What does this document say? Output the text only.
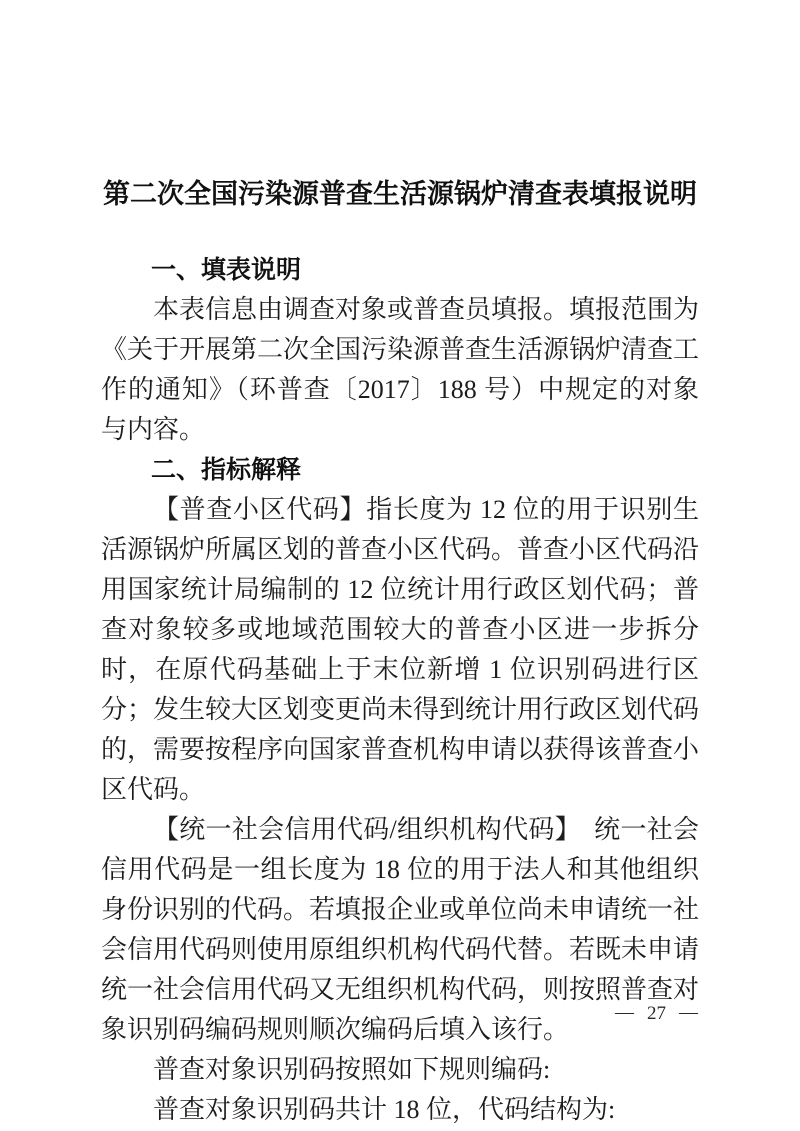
第二次全国污染源普查生活源锅炉清查表填报说明
一、填表说明

本表信息由调查对象或普查员填报。填报范围为《关于开展第二次全国污染源普查生活源锅炉清查工作的通知》（环普查〔2017〕188 号）中规定的对象与内容。

二、指标解释

【普查小区代码】指长度为 12 位的用于识别生活源锅炉所属区划的普查小区代码。普查小区代码沿用国家统计局编制的 12 位统计用行政区划代码；普查对象较多或地域范围较大的普查小区进一步拆分时，在原代码基础上于末位新增 1 位识别码进行区分；发生较大区划变更尚未得到统计用行政区划代码的，需要按程序向国家普查机构申请以获得该普查小区代码。

【统一社会信用代码/组织机构代码】　统一社会信用代码是一组长度为 18 位的用于法人和其他组织身份识别的代码。若填报企业或单位尚未申请统一社会信用代码则使用原组织机构代码代替。若既未申请统一社会信用代码又无组织机构代码，则按照普查对象识别码编码规则顺次编码后填入该行。

普查对象识别码按照如下规则编码:

普查对象识别码共计 18 位，代码结构为:

— 27 —
